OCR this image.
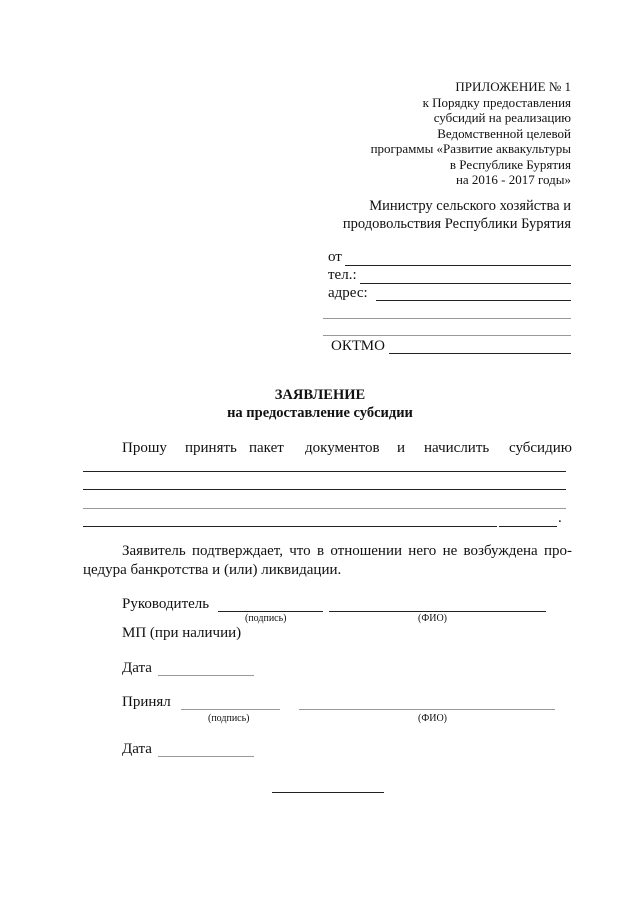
ПРИЛОЖЕНИЕ № 1
к Порядку предоставления
субсидий на реализацию
Ведомственной целевой
программы «Развитие аквакультуры
в Республике Бурятия
на 2016 - 2017 годы»
Министру сельского хозяйства и
продовольствия Республики Бурятия
от
тел.:
адрес:
ОКТМО
ЗАЯВЛЕНИЕ
на предоставление субсидии
Прошу принять пакет документов и начислить субсидию
.
Заявитель подтверждает, что в отношении него не возбуждена про-
цедура банкротства и (или) ликвидации.
Руководитель
(подпись)	(ФИО)
МП (при наличии)
Дата
Принял
(подпись)	(ФИО)
Дата
